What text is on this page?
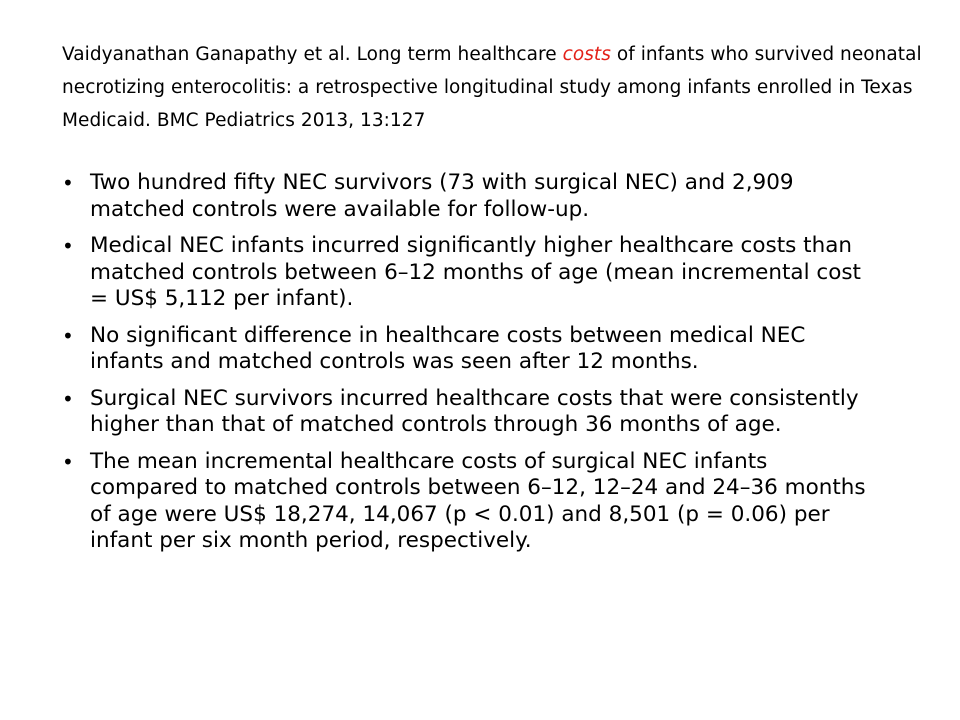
Vaidyanathan Ganapathy et al. Long term healthcare costs of infants who survived neonatal necrotizing enterocolitis: a retrospective longitudinal study among infants enrolled in Texas Medicaid. BMC Pediatrics 2013, 13:127
• Two hundred fifty NEC survivors (73 with surgical NEC) and 2,909 matched controls were available for follow-up.
• Medical NEC infants incurred significantly higher healthcare costs than matched controls between 6–12 months of age (mean incremental cost = US$ 5,112 per infant).
• No significant difference in healthcare costs between medical NEC infants and matched controls was seen after 12 months.
• Surgical NEC survivors incurred healthcare costs that were consistently higher than that of matched controls through 36 months of age.
• The mean incremental healthcare costs of surgical NEC infants compared to matched controls between 6–12, 12–24 and 24–36 months of age were US$ 18,274, 14,067 (p < 0.01) and 8,501 (p = 0.06) per infant per six month period, respectively.
